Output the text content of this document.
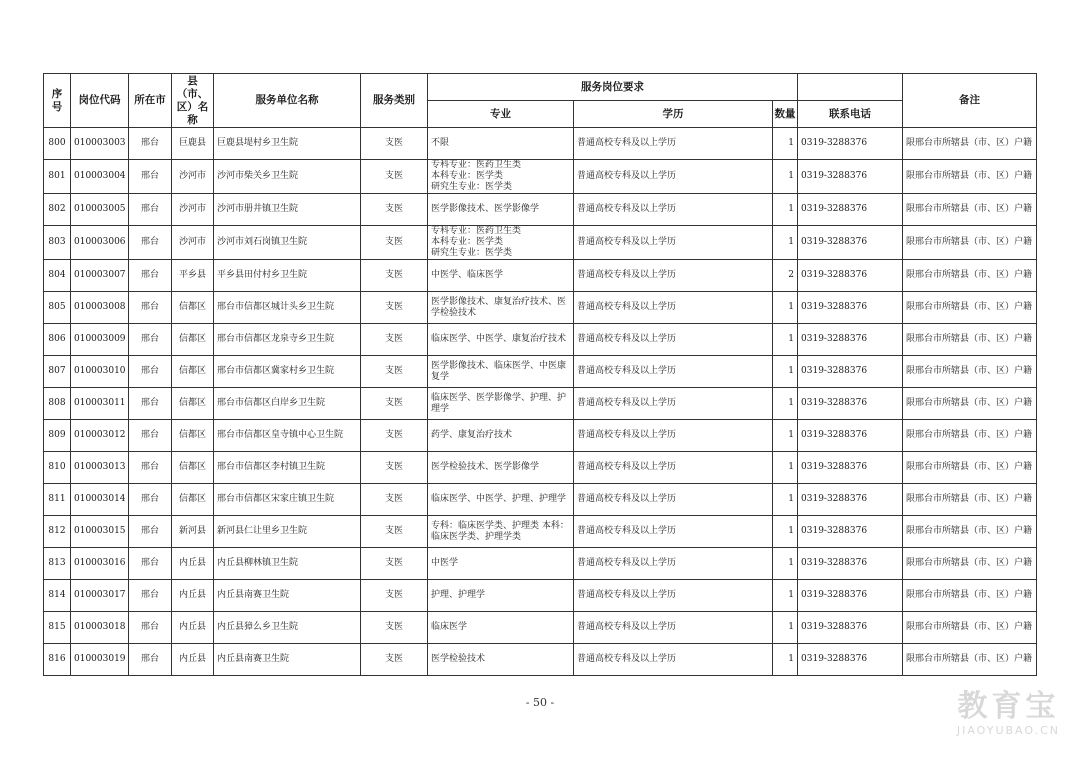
序号	岗位代码	所在市	县（市、区）名称	服务单位名称	服务类别	服务岗位要求				备注
						专业	学历	数量	联系电话	
800	010003003	邢台	巨鹿县	巨鹿县堤村乡卫生院	支医	不限	普通高校专科及以上学历	1	0319-3288376	限邢台市所辖县（市、区）户籍
801	010003004	邢台	沙河市	沙河市柴关乡卫生院	支医	专科专业：医药卫生类
本科专业：医学类
研究生专业：医学类	普通高校专科及以上学历	1	0319-3288376	限邢台市所辖县（市、区）户籍
802	010003005	邢台	沙河市	沙河市册井镇卫生院	支医	医学影像技术、医学影像学	普通高校专科及以上学历	1	0319-3288376	限邢台市所辖县（市、区）户籍
803	010003006	邢台	沙河市	沙河市刘石岗镇卫生院	支医	专科专业：医药卫生类
本科专业：医学类
研究生专业：医学类	普通高校专科及以上学历	1	0319-3288376	限邢台市所辖县（市、区）户籍
804	010003007	邢台	平乡县	平乡县田付村乡卫生院	支医	中医学、临床医学	普通高校专科及以上学历	2	0319-3288376	限邢台市所辖县（市、区）户籍
805	010003008	邢台	信都区	邢台市信都区城计头乡卫生院	支医	医学影像技术、康复治疗技术、医学检验技术	普通高校专科及以上学历	1	0319-3288376	限邢台市所辖县（市、区）户籍
806	010003009	邢台	信都区	邢台市信都区龙泉寺乡卫生院	支医	临床医学、中医学、康复治疗技术	普通高校专科及以上学历	1	0319-3288376	限邢台市所辖县（市、区）户籍
807	010003010	邢台	信都区	邢台市信都区冀家村乡卫生院	支医	医学影像技术、临床医学、中医康复学	普通高校专科及以上学历	1	0319-3288376	限邢台市所辖县（市、区）户籍
808	010003011	邢台	信都区	邢台市信都区白岸乡卫生院	支医	临床医学、医学影像学、护理、护理学	普通高校专科及以上学历	1	0319-3288376	限邢台市所辖县（市、区）户籍
809	010003012	邢台	信都区	邢台市信都区皇寺镇中心卫生院	支医	药学、康复治疗技术	普通高校专科及以上学历	1	0319-3288376	限邢台市所辖县（市、区）户籍
810	010003013	邢台	信都区	邢台市信都区李村镇卫生院	支医	医学检验技术、医学影像学	普通高校专科及以上学历	1	0319-3288376	限邢台市所辖县（市、区）户籍
811	010003014	邢台	信都区	邢台市信都区宋家庄镇卫生院	支医	临床医学、中医学、护理、护理学	普通高校专科及以上学历	1	0319-3288376	限邢台市所辖县（市、区）户籍
812	010003015	邢台	新河县	新河县仁让里乡卫生院	支医	专科：临床医学类、护理类 本科：临床医学类、护理学类	普通高校专科及以上学历	1	0319-3288376	限邢台市所辖县（市、区）户籍
813	010003016	邢台	内丘县	内丘县柳林镇卫生院	支医	中医学	普通高校专科及以上学历	1	0319-3288376	限邢台市所辖县（市、区）户籍
814	010003017	邢台	内丘县	内丘县南赛卫生院	支医	护理、护理学	普通高校专科及以上学历	1	0319-3288376	限邢台市所辖县（市、区）户籍
815	010003018	邢台	内丘县	内丘县獐么乡卫生院	支医	临床医学	普通高校专科及以上学历	1	0319-3288376	限邢台市所辖县（市、区）户籍
816	010003019	邢台	内丘县	内丘县南赛卫生院	支医	医学检验技术	普通高校专科及以上学历	1	0319-3288376	限邢台市所辖县（市、区）户籍
- 50 -	教育宝
JIAOYUBAO.CN
